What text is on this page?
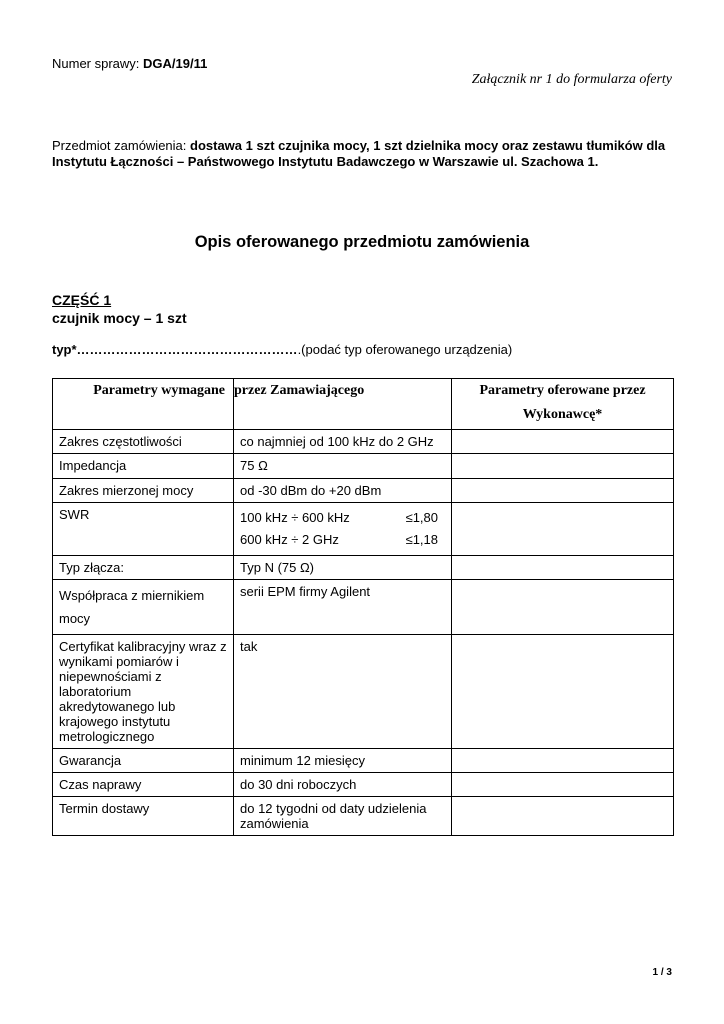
Numer sprawy: DGA/19/11
Załącznik nr 1 do formularza oferty
Przedmiot zamówienia: dostawa 1 szt czujnika mocy, 1 szt dzielnika mocy oraz zestawu tłumików dla Instytutu Łączności – Państwowego Instytutu Badawczego w Warszawie ul. Szachowa 1.
Opis oferowanego przedmiotu zamówienia
CZĘŚĆ 1
czujnik mocy – 1 szt
typ*…………………………………………….(podać typ oferowanego urządzenia)
Parametry wymagane	przez Zamawiającego	Parametry oferowane przez Wykonawcę*
Zakres częstotliwości	co najmniej od 100 kHz do 2 GHz	
Impedancja	75 Ω	
Zakres mierzonej mocy	od -30 dBm do +20 dBm	
SWR	100 kHz ÷ 600 kHz ≤1,80
600 kHz ÷ 2 GHz ≤1,18	

Typ złącza:	Typ N (75 Ω)	
Współpraca z miernikiem mocy	serii EPM firmy Agilent	
Certyfikat kalibracyjny wraz z wynikami pomiarów i niepewnościami z laboratorium akredytowanego lub krajowego instytutu metrologicznego	tak	
Gwarancja	minimum 12 miesięcy	
Czas naprawy	do 30 dni roboczych	
Termin dostawy	do 12 tygodni od daty udzielenia zamówienia	
1 / 3
